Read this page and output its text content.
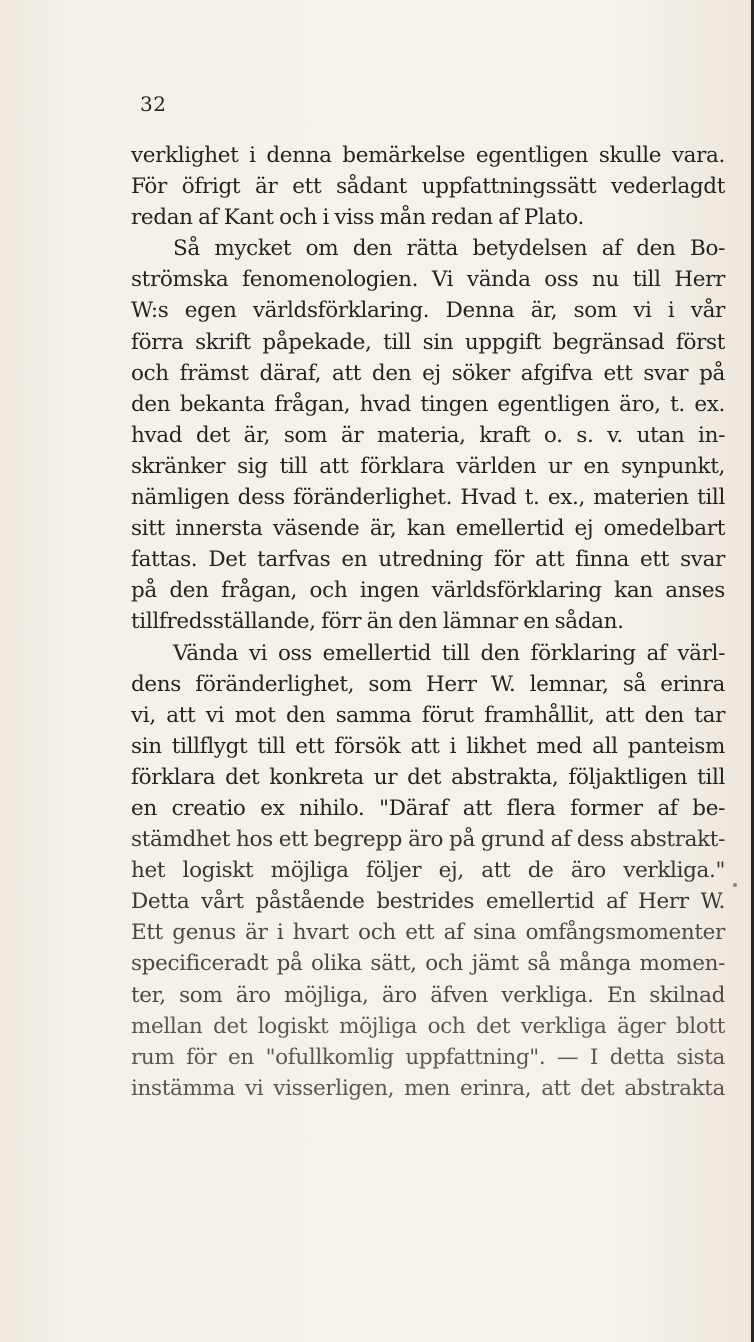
32
verklighet i denna bemärkelse egentligen skulle vara.
För öfrigt är ett sådant uppfattningssätt vederlagdt
redan af Kant och i viss mån redan af Plato.
Så mycket om den rätta betydelsen af den Bo-
strömska fenomenologien. Vi vända oss nu till Herr
W:s egen världsförklaring. Denna är, som vi i vår
förra skrift påpekade, till sin uppgift begränsad först
och främst däraf, att den ej söker afgifva ett svar på
den bekanta frågan, hvad tingen egentligen äro, t. ex.
hvad det är, som är materia, kraft o. s. v. utan in-
skränker sig till att förklara världen ur en synpunkt,
nämligen dess föränderlighet. Hvad t. ex., materien till
sitt innersta väsende är, kan emellertid ej omedelbart
fattas. Det tarfvas en utredning för att finna ett svar
på den frågan, och ingen världsförklaring kan anses
tillfredsställande, förr än den lämnar en sådan.
Vända vi oss emellertid till den förklaring af värl-
dens föränderlighet, som Herr W. lemnar, så erinra
vi, att vi mot den samma förut framhållit, att den tar
sin tillflygt till ett försök att i likhet med all panteism
förklara det konkreta ur det abstrakta, följaktligen till
en creatio ex nihilo. "Däraf att flera former af be-
stämdhet hos ett begrepp äro på grund af dess abstrakt-
het logiskt möjliga följer ej, att de äro verkliga."
Detta vårt påstående bestrides emellertid af Herr W.
Ett genus är i hvart och ett af sina omfångsmomenter
specificeradt på olika sätt, och jämt så många momen-
ter, som äro möjliga, äro äfven verkliga. En skilnad
mellan det logiskt möjliga och det verkliga äger blott
rum för en "ofullkomlig uppfattning". — I detta sista
instämma vi visserligen, men erinra, att det abstrakta
